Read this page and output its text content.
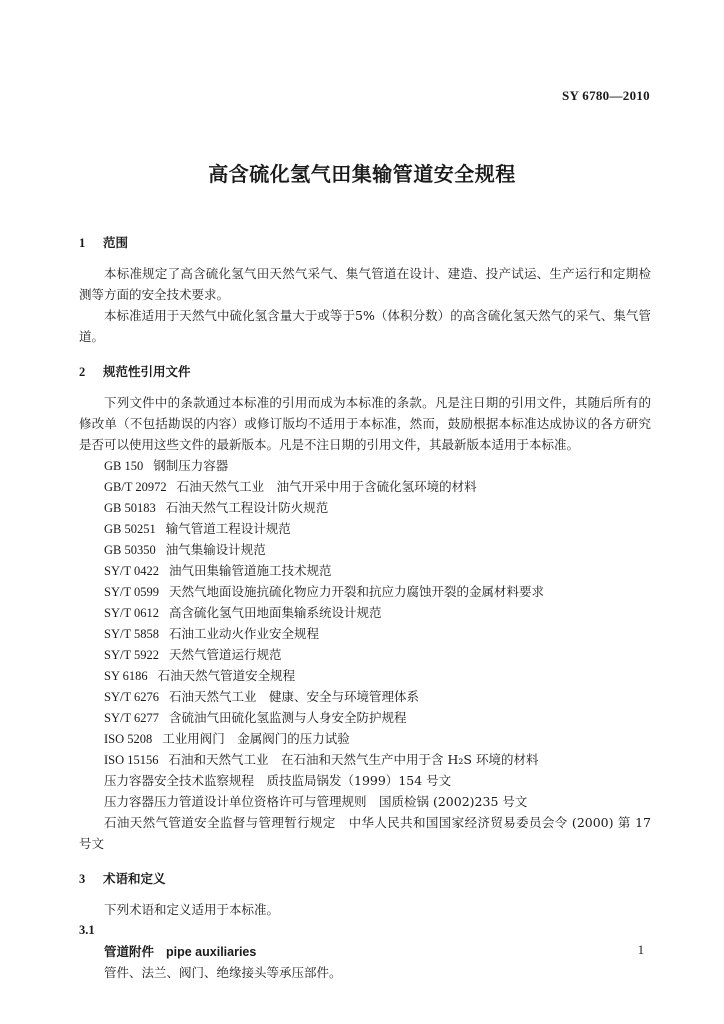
SY 6780—2010
高含硫化氢气田集输管道安全规程
1 范围

本标准规定了高含硫化氢气田天然气采气、集气管道在设计、建造、投产试运、生产运行和定期检测等方面的安全技术要求。

本标准适用于天然气中硫化氢含量大于或等于5%（体积分数）的高含硫化氢天然气的采气、集气管道。

2 规范性引用文件

下列文件中的条款通过本标准的引用而成为本标准的条款。凡是注日期的引用文件，其随后所有的修改单（不包括勘误的内容）或修订版均不适用于本标准，然而，鼓励根据本标准达成协议的各方研究是否可以使用这些文件的最新版本。凡是不注日期的引用文件，其最新版本适用于本标准。

GB 150 钢制压力容器
GB/T 20972 石油天然气工业　油气开采中用于含硫化氢环境的材料
GB 50183 石油天然气工程设计防火规范
GB 50251 输气管道工程设计规范
GB 50350 油气集输设计规范
SY/T 0422 油气田集输管道施工技术规范
SY/T 0599 天然气地面设施抗硫化物应力开裂和抗应力腐蚀开裂的金属材料要求
SY/T 0612 高含硫化氢气田地面集输系统设计规范
SY/T 5858 石油工业动火作业安全规程
SY/T 5922 天然气管道运行规范
SY 6186 石油天然气管道安全规程
SY/T 6276 石油天然气工业　健康、安全与环境管理体系
SY/T 6277 含硫油气田硫化氢监测与人身安全防护规程
ISO 5208 工业用阀门　金属阀门的压力试验
ISO 15156 石油和天然气工业　在石油和天然气生产中用于含 H₂S 环境的材料
压力容器安全技术监察规程　质技监局锅发（1999）154 号文
压力容器压力管道设计单位资格许可与管理规则　国质检锅 (2002)235 号文

石油天然气管道安全监督与管理暂行规定　中华人民共和国国家经济贸易委员会令 (2000) 第 17 号文

3 术语和定义

下列术语和定义适用于本标准。

3.1

管道附件 pipe auxiliaries

管件、法兰、阀门、绝缘接头等承压部件。

1
